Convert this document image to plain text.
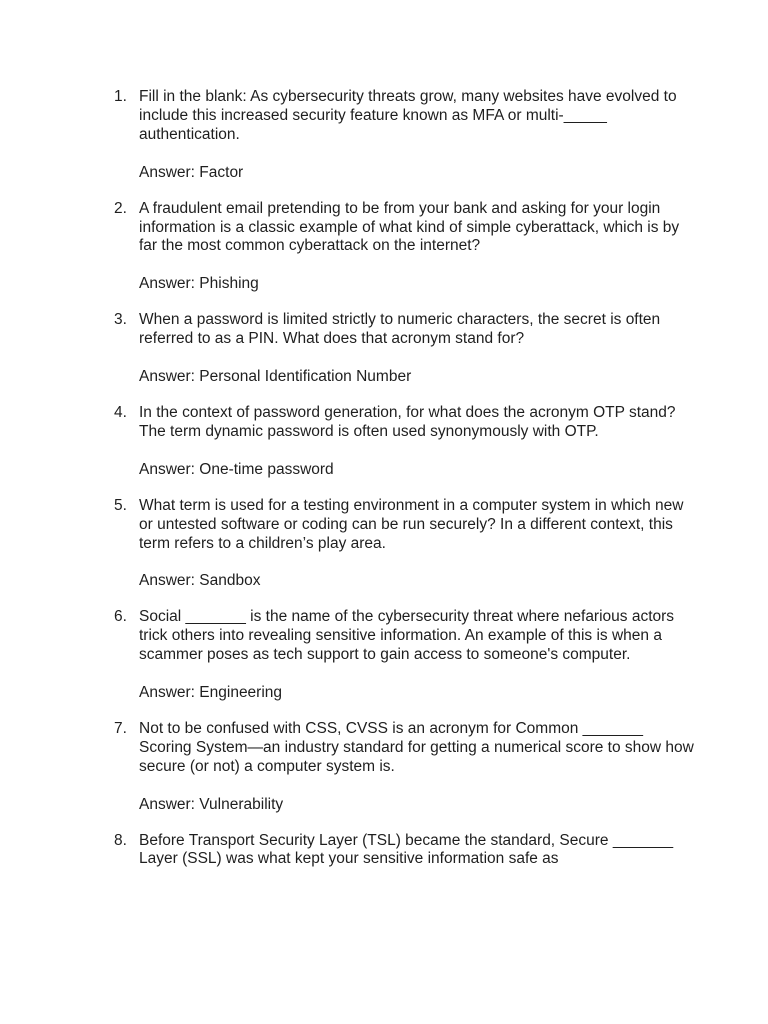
1. Fill in the blank: As cybersecurity threats grow, many websites have evolved to include this increased security feature known as MFA or multi-_____ authentication.

Answer: Factor

2. A fraudulent email pretending to be from your bank and asking for your login information is a classic example of what kind of simple cyberattack, which is by far the most common cyberattack on the internet?

Answer: Phishing

3. When a password is limited strictly to numeric characters, the secret is often referred to as a PIN. What does that acronym stand for?

Answer: Personal Identification Number

4. In the context of password generation, for what does the acronym OTP stand? The term dynamic password is often used synonymously with OTP.

Answer: One-time password

5. What term is used for a testing environment in a computer system in which new or untested software or coding can be run securely? In a different context, this term refers to a children’s play area.

Answer: Sandbox

6. Social _______ is the name of the cybersecurity threat where nefarious actors trick others into revealing sensitive information. An example of this is when a scammer poses as tech support to gain access to someone's computer.

Answer: Engineering

7. Not to be confused with CSS, CVSS is an acronym for Common _______ Scoring System—an industry standard for getting a numerical score to show how secure (or not) a computer system is.

Answer: Vulnerability

8. Before Transport Security Layer (TSL) became the standard, Secure _______ Layer (SSL) was what kept your sensitive information safe as
